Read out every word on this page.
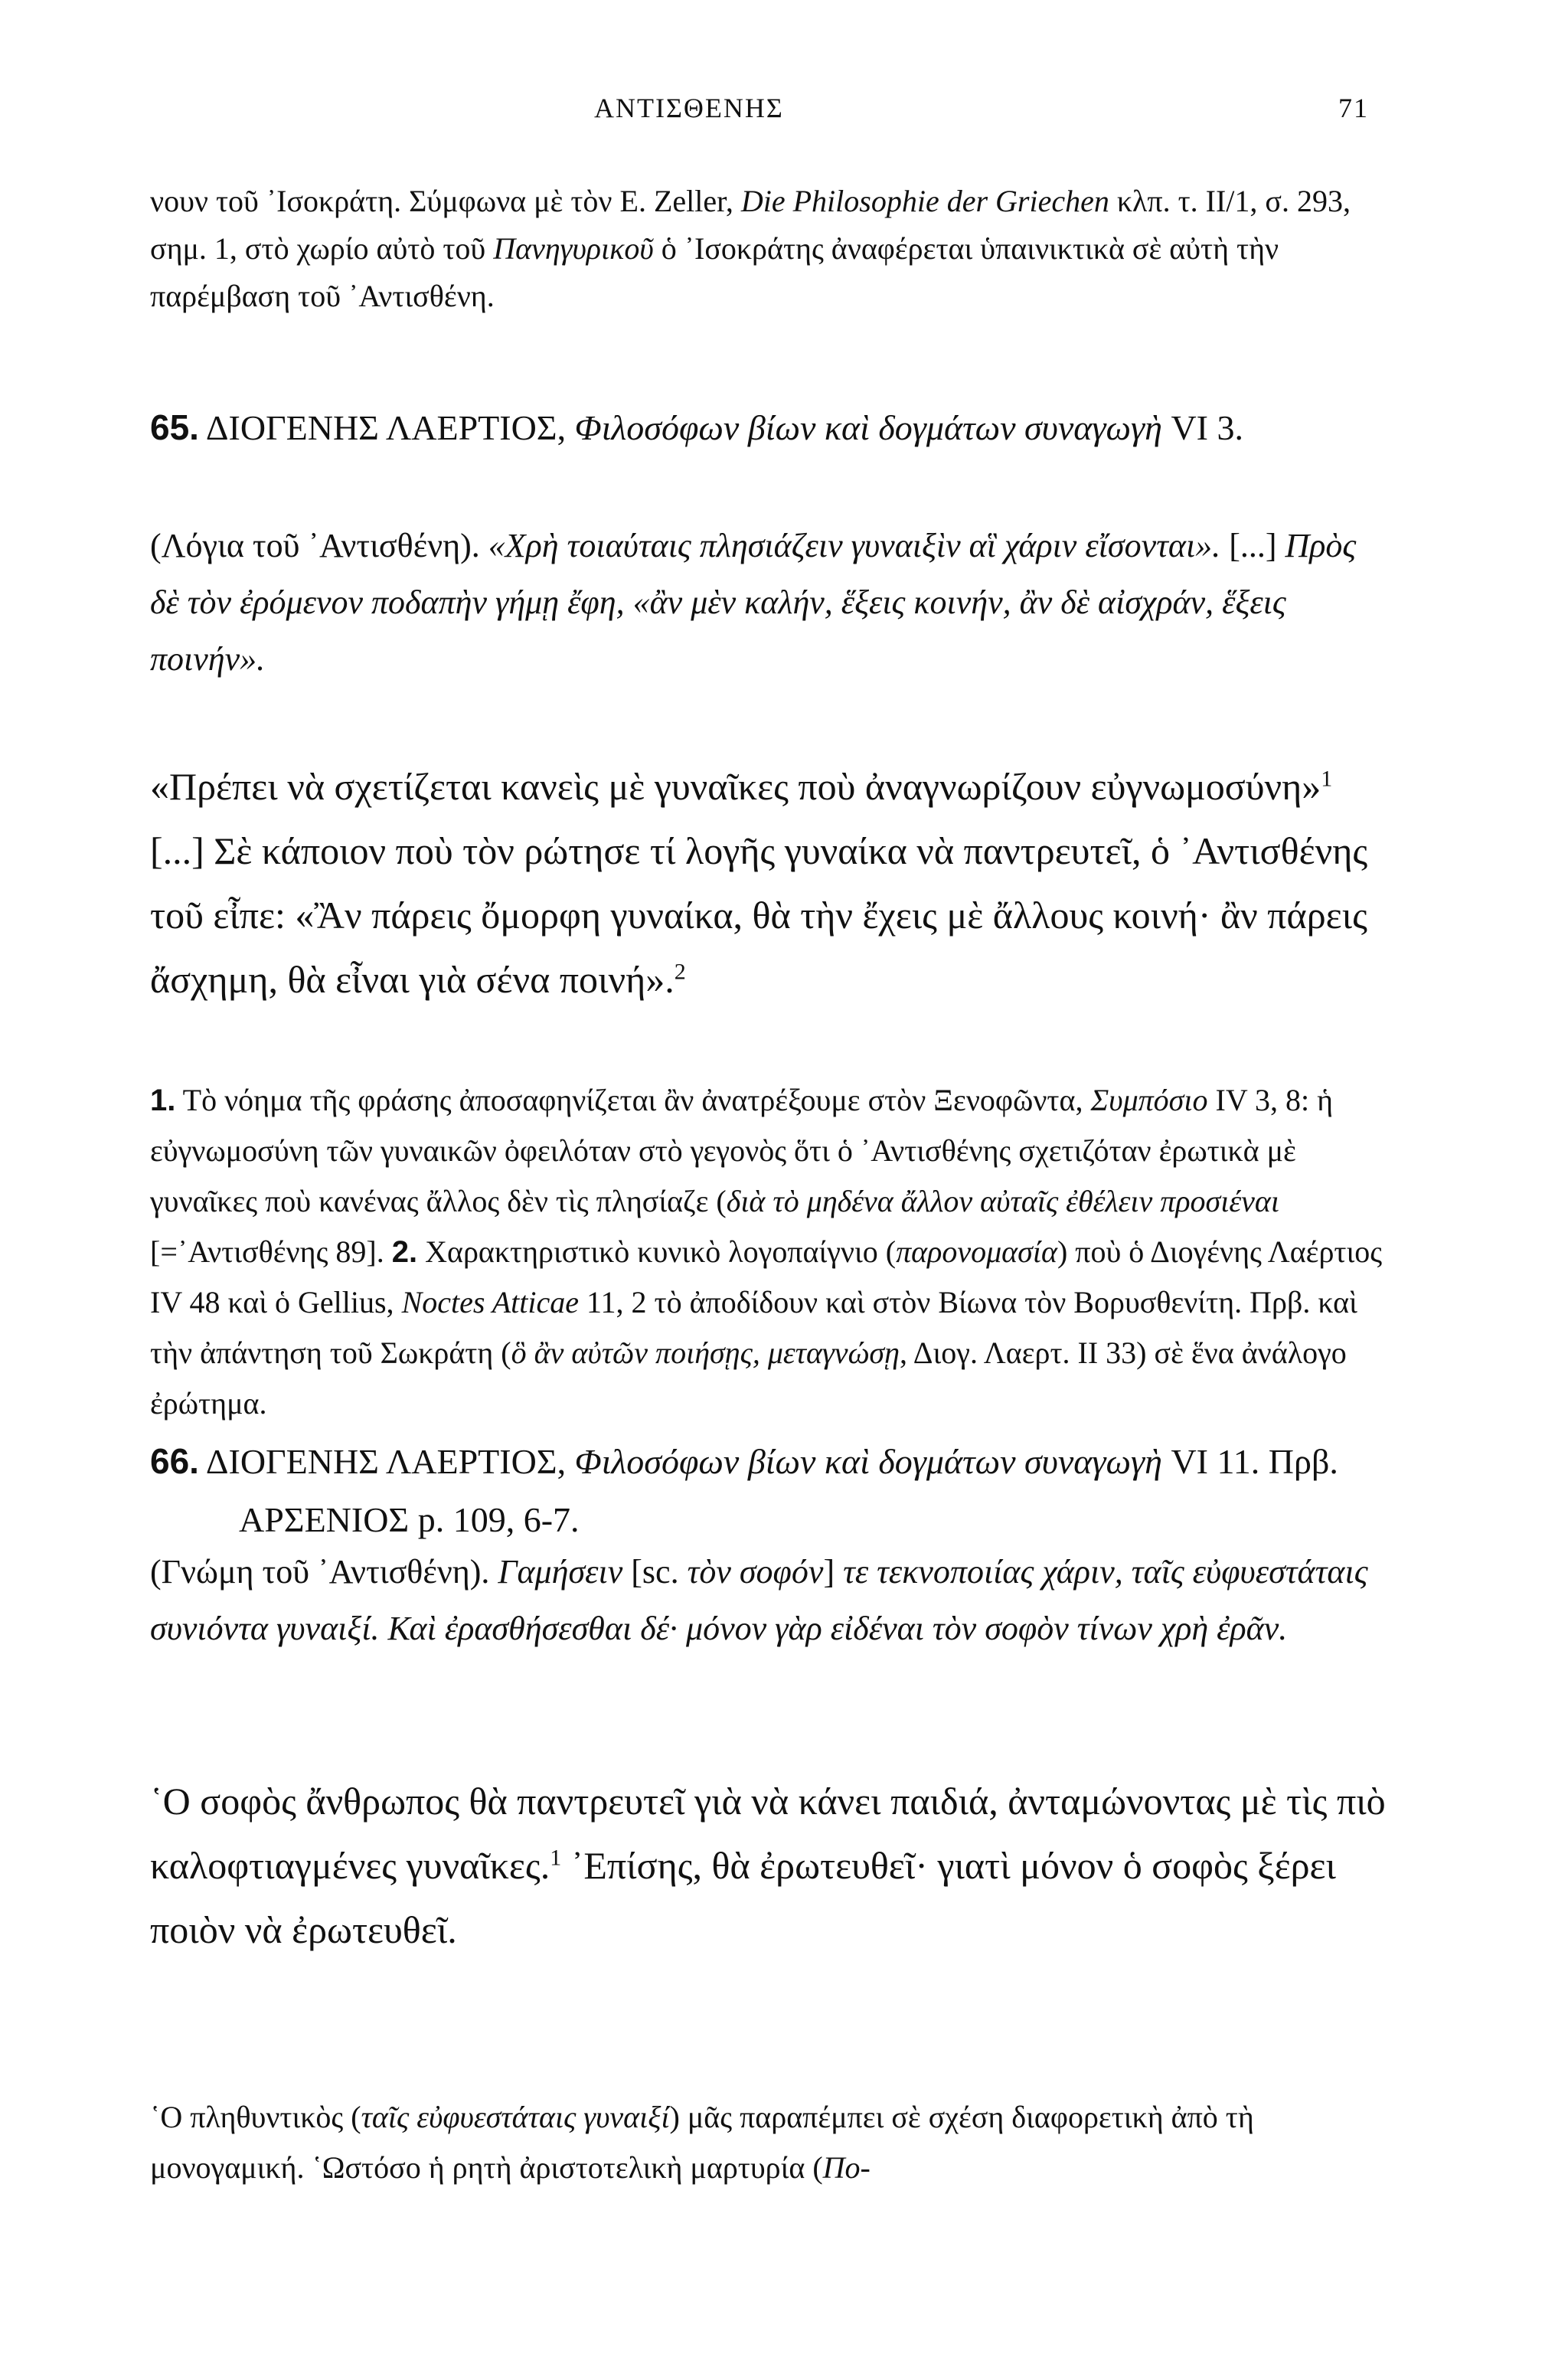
ΑΝΤΙΣΘΕΝΗΣ	71
νουν τοῦ ᾿Ισοκράτη. Σύμφωνα μὲ τὸν E. Zeller, Die Philosophie der Griechen κλπ. τ. II/1, σ. 293, σημ. 1, στὸ χωρίο αὐτὸ τοῦ Πανηγυρικοῦ ὁ ᾿Ισοκράτης ἀναφέρεται ὑπαινικτικὰ σὲ αὐτὴ τὴν παρέμβαση τοῦ ᾿Αντισθένη.
65. ΔΙΟΓΕΝΗΣ ΛΑΕΡΤΙΟΣ, Φιλοσόφων βίων καὶ δογμάτων συναγωγὴ VI 3.
(Λόγια τοῦ ᾿Αντισθένη). «Χρὴ τοιαύταις πλησιάζειν γυναιξὶν αἳ χάριν εἴσονται». [...] Πρὸς δὲ τὸν ἐρόμενον ποδαπὴν γήμῃ ἔφη, «ἂν μὲν καλήν, ἕξεις κοινήν, ἂν δὲ αἰσχράν, ἕξεις ποινήν».
«Πρέπει νὰ σχετίζεται κανεὶς μὲ γυναῖκες ποὺ ἀναγνωρίζουν εὐγνωμοσύνη»$^1$ [...] Σὲ κάποιον ποὺ τὸν ρώτησε τί λογῆς γυναίκα νὰ παντρευτεῖ, ὁ ᾿Αντισθένης τοῦ εἶπε: «Ἂν πάρεις ὄμορφη γυναίκα, θὰ τὴν ἔχεις μὲ ἄλλους κοινή· ἂν πάρεις ἄσχημη, θὰ εἶναι γιὰ σένα ποινή».$^2$
1. Τὸ νόημα τῆς φράσης ἀποσαφηνίζεται ἂν ἀνατρέξουμε στὸν Ξενοφῶντα, Συμπόσιο IV 3, 8: ἡ εὐγνωμοσύνη τῶν γυναικῶν ὀφειλόταν στὸ γεγονὸς ὅτι ὁ ᾿Αντισθένης σχετιζόταν ἐρωτικὰ μὲ γυναῖκες ποὺ κανένας ἄλλος δὲν τὶς πλησίαζε (διὰ τὸ μηδένα ἄλλον αὐταῖς ἐθέλειν προσιέναι [=᾿Αντισθένης 89]. 2. Χαρακτηριστικὸ κυνικὸ λογοπαίγνιο (παρονομασία) ποὺ ὁ Διογένης Λαέρτιος IV 48 καὶ ὁ Gellius, Noctes Atticae 11, 2 τὸ ἀποδίδουν καὶ στὸν Βίωνα τὸν Βορυσθενίτη. Πρβ. καὶ τὴν ἀπάντηση τοῦ Σωκράτη (ὃ ἂν αὐτῶν ποιήσῃς, μεταγνώσῃ, Διογ. Λαερτ. II 33) σὲ ἕνα ἀνάλογο ἐρώτημα.
66. ΔΙΟΓΕΝΗΣ ΛΑΕΡΤΙΟΣ, Φιλοσόφων βίων καὶ δογμάτων συναγωγὴ VI 11. Πρβ. ΑΡΣΕΝΙΟΣ p. 109, 6-7.
(Γνώμη τοῦ ᾿Αντισθένη). Γαμήσειν [sc. τὸν σοφόν] τε τεκνοποιίας χάριν, ταῖς εὐφυεστάταις συνιόντα γυναιξί. Καὶ ἐρασθήσεσθαι δέ· μόνον γὰρ εἰδέναι τὸν σοφὸν τίνων χρὴ ἐρᾶν.
῾Ο σοφὸς ἄνθρωπος θὰ παντρευτεῖ γιὰ νὰ κάνει παιδιά, ἀνταμώνοντας μὲ τὶς πιὸ καλοφτιαγμένες γυναῖκες.$^1$ ᾿Επίσης, θὰ ἐρωτευθεῖ· γιατὶ μόνον ὁ σοφὸς ξέρει ποιὸν νὰ ἐρωτευθεῖ.
῾Ο πληθυντικὸς (ταῖς εὐφυεστάταις γυναιξί) μᾶς παραπέμπει σὲ σχέση διαφορετικὴ ἀπὸ τὴ μονογαμική. ῾Ωστόσο ἡ ρητὴ ἀριστοτελικὴ μαρτυρία (Πο-
